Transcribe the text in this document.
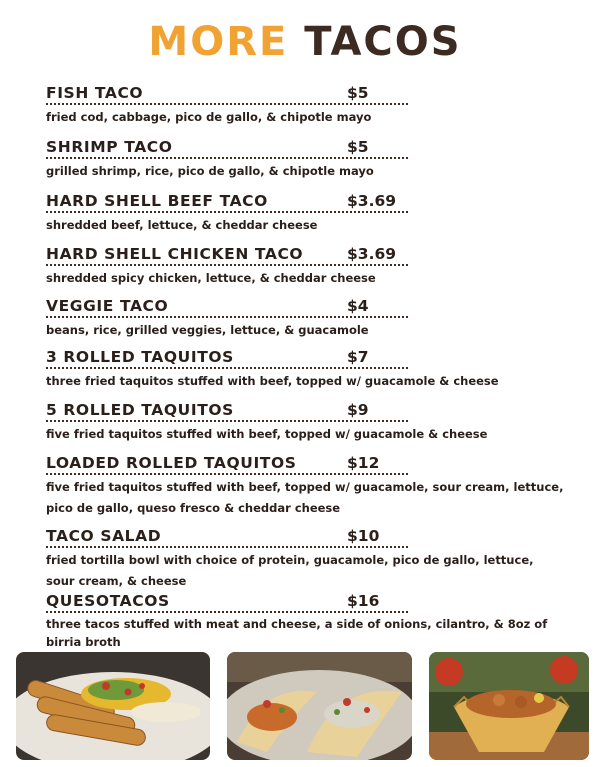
MORE TACOS
FISH TACO	$5
fried cod, cabbage, pico de gallo, & chipotle mayo
SHRIMP TACO	$5
grilled shrimp, rice, pico de gallo, & chipotle mayo
HARD SHELL BEEF TACO	$3.69
shredded beef, lettuce, & cheddar cheese
HARD SHELL CHICKEN TACO	$3.69
shredded spicy chicken, lettuce, & cheddar cheese
VEGGIE TACO	$4
beans, rice, grilled veggies, lettuce, & guacamole
3 ROLLED TAQUITOS	$7
three fried taquitos stuffed with beef, topped w/ guacamole & cheese
5 ROLLED TAQUITOS	$9
five fried taquitos stuffed with beef, topped w/ guacamole & cheese
LOADED ROLLED TAQUITOS	$12
five fried taquitos stuffed with beef, topped w/ guacamole, sour cream, lettuce, pico de gallo, queso fresco & cheddar cheese
TACO SALAD	$10
fried tortilla bowl with choice of protein, guacamole, pico de gallo, lettuce, sour cream, & cheese
QUESOTACOS	$16
three tacos stuffed with meat and cheese, a side of onions, cilantro, & 8oz of birria broth
